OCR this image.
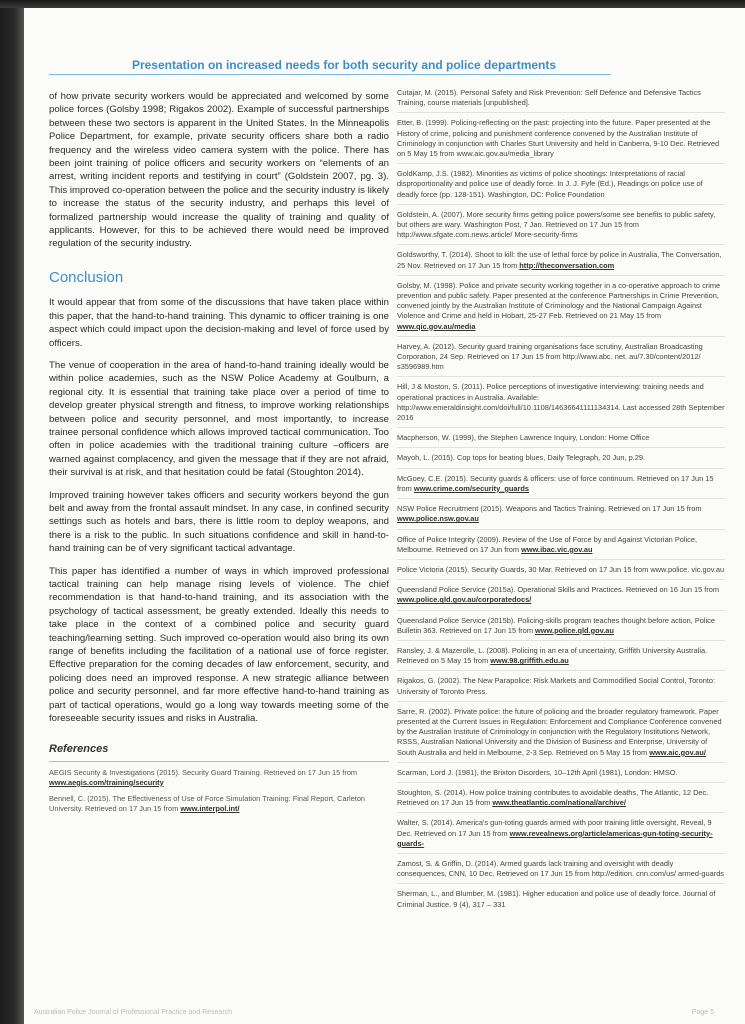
Presentation on increased needs for both security and police departments

of how private security workers would be appreciated and welcomed by some police forces (Golsby 1998; Rigakos 2002). Example of successful partnerships between these two sectors is apparent in the United States. In the Minneapolis Police Department, for example, private security officers share both a radio frequency and the wireless video camera system with the police. There has been joint training of police officers and security workers on “elements of an arrest, writing incident reports and testifying in court” (Goldstein 2007, pg. 3). This improved co-operation between the police and the security industry is likely to increase the status of the security industry, and perhaps this level of formalized partnership would increase the quality of training and quality of applicants. However, for this to be achieved there would need be improved regulation of the security industry.

Conclusion

It would appear that from some of the discussions that have taken place within this paper, that the hand-to-hand training. This dynamic to officer training is one aspect which could impact upon the decision-making and level of force used by officers.

The venue of cooperation in the area of hand-to-hand training ideally would be within police academies, such as the NSW Police Academy at Goulburn, a regional city. It is essential that training take place over a period of time to develop greater physical strength and fitness, to improve working relationships between police and security personnel, and most importantly, to increase trainee personal confidence which allows improved tactical communication. Too often in police academies with the traditional training culture –officers are warned against complacency, and given the message that if they are not afraid, their survival is at risk, and that hesitation could be fatal (Stoughton 2014).

Improved training however takes officers and security workers beyond the gun belt and away from the frontal assault mindset. In any case, in confined security settings such as hotels and bars, there is little room to deploy weapons, and there is a risk to the public. In such situations confidence and skill in hand-to-hand training can be of very significant tactical advantage.

This paper has identified a number of ways in which improved professional tactical training can help manage rising levels of violence. The chief recommendation is that hand-to-hand training, and its association with the psychology of tactical assessment, be greatly extended. Ideally this needs to take place in the context of a combined police and security guard teaching/learning setting. Such improved co-operation would also bring its own range of benefits including the facilitation of a national use of force register. Effective preparation for the coming decades of law enforcement, security, and policing does need an improved response. A new strategic alliance between police and security personnel, and far more effective hand-to-hand training as part of tactical operations, would go a long way towards meeting some of the foreseeable security issues and risks in Australia.

References
AEGIS Security & Investigations (2015). Security Guard Training. Retrieved on 17 Jun 15 from www.aegis.com/training/security
Bennell, C. (2015). The Effectiveness of Use of Force Simulation Training: Final Report, Carleton University. Retrieved on 17 Jun 15 from www.interpol.int/
Cutajar, M. (2015). Personal Safety and Risk Prevention: Self Defence and Defensive Tactics Training, course materials [unpublished].
Etter, B. (1999). Policing-reflecting on the past: projecting into the future. Paper presented at the History of crime, policing and punishment conference convened by the Australian Institute of Criminology in conjunction with Charles Sturt University and held in Canberra, 9-10 Dec. Retrieved on 5 May 15 from www.aic.gov.au/media_library
GoldKamp, J.S. (1982). Minorities as victims of police shootings: Interpretations of racial disproportionality and police use of deadly force. In J. J. Fyfe (Ed.), Readings on police use of deadly force (pp. 128-151). Washington, DC: Police Foundation
Goldstein, A. (2007). More security firms getting police powers/some see benefits to public safety, but others are wary. Washington Post, 7 Jan. Retrieved on 17 Jun 15 from http://www.sfgate.com.news.article/ More-security-firms
Goldsworthy, T. (2014). Shoot to kill: the use of lethal force by police in Australia, The Conversation, 25 Nov. Retrieved on 17 Jun 15 from http://theconversation.com
Golsby, M. (1998). Police and private security working together in a co-operative approach to crime prevention and public safety. Paper presented at the conference Partnerships in Crime Prevention, convened jointly by the Australian Institute of Criminology and the National Campaign Against Violence and Crime and held in Hobart, 25-27 Feb. Retrieved on 21 May 15 from www.qic.gov.au/media
Harvey, A. (2012). Security guard training organisations face scrutiny, Australian Broadcasting Corporation, 24 Sep. Retrieved on 17 Jun 15 from http://www.abc. net. au/7.30/content/2012/ s3596989.htm
Hill, J & Moston, S. (2011). Police perceptions of investigative interviewing: training needs and operational practices in Australia. Available: http://www.emeraldinsight.com/doi/full/10.1108/14636641111134314. Last accessed 28th September 2016
Macpherson, W. (1999), the Stephen Lawrence Inquiry, London: Home Office
Mayoh, L. (2015). Cop tops for beating blues, Daily Telegraph, 20 Jun, p.29.
McGoey, C.E. (2015). Security guards & officers: use of force continuum. Retrieved on 17 Jun 15 from www.crime.com/security_guards
NSW Police Recruitment (2015). Weapons and Tactics Training. Retrieved on 17 Jun 15 from www.police.nsw.gov.au
Office of Police Integrity (2009). Review of the Use of Force by and Against Victorian Police, Melbourne. Retrieved on 17 Jun from www.ibac.vic.gov.au
Police Victoria (2015). Security Guards, 30 Mar. Retrieved on 17 Jun 15 from www.police. vic.gov.au
Queensland Police Service (2015a). Operational Skills and Practices. Retrieved on 16 Jun 15 from www.police.qld.gov.au/corporatedocs/
Queensland Police Service (2015b). Policing-skills program teaches thought before action, Police Bulletin 363. Retrieved on 17 Jun 15 from www.police.qld.gov.au
Ransley, J. & Mazerolle, L. (2008). Policing in an era of uncertainty, Griffith University Australia. Retrieved on 5 May 15 from www.98.griffith.edu.au
Rigakos, G. (2002). The New Parapolice: Risk Markets and Commodified Social Control, Toronto: University of Toronto Press.
Sarre, R. (2002). Private police: the future of policing and the broader regulatory framework. Paper presented at the Current Issues in Regulation: Enforcement and Compliance Conference convened by the Australian Institute of Criminology in conjunction with the Regulatory Institutions Network, RSSS, Australian National University and the Division of Business and Enterprise, University of South Australia and held in Melbourne, 2-3 Sep. Retrieved on 5 May 15 from www.aic.gov.au/
Scarman, Lord J. (1981), the Brixton Disorders, 10–12th April (1981), London: HMSO.
Stoughton, S. (2014). How police training contributes to avoidable deaths, The Atlantic, 12 Dec. Retrieved on 17 Jun 15 from www.theatlantic.com/national/archive/
Walter, S. (2014). America's gun-toting guards armed with poor training little oversight, Reveal, 9 Dec. Retrieved on 17 Jun 15 from www.revealnews.org/article/americas-gun-toting-security-guards-
Zamost, S. & Griffin, D. (2014). Armed guards lack training and oversight with deadly consequences, CNN, 10 Dec. Retrieved on 17 Jun 15 from http://edition. cnn.com/us/ armed-guards
Sherman, L., and Blumber, M. (1981). Higher education and police use of deadly force. Journal of Criminal Justice. 9 (4), 317 – 331
Australian Police Journal of Professional Practice and Research	Page 5
